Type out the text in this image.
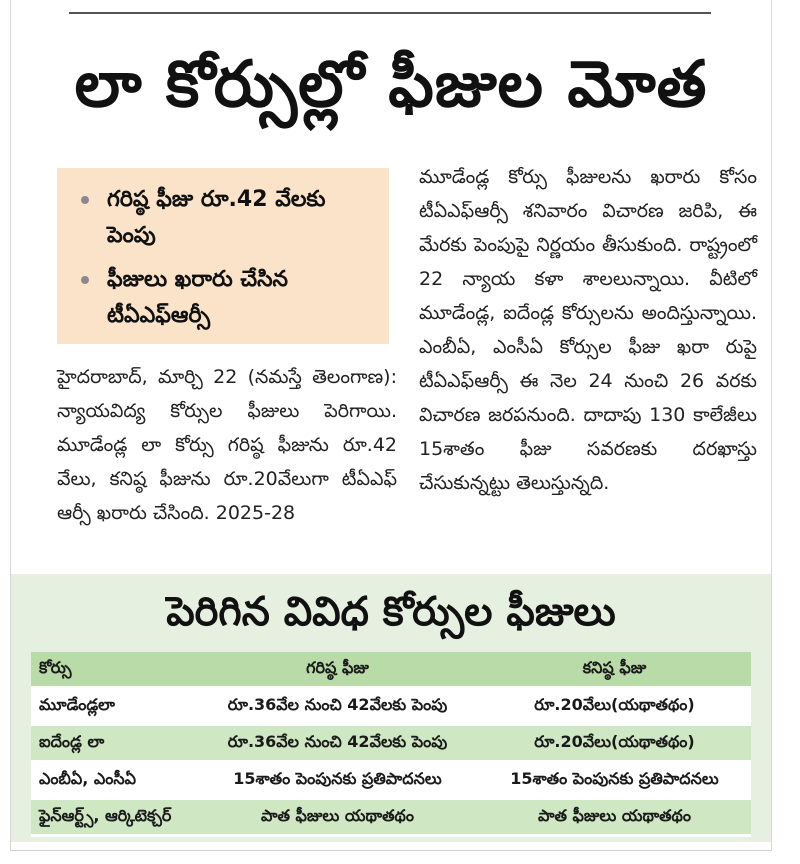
లా కోర్సుల్లో ఫీజుల మోత
గరిష్ఠ ఫీజు రూ.42 వేలకు పెంపు
ఫీజులు ఖరారు చేసిన టీఏఎఫ్‌ఆర్సీ
హైదరాబాద్, మార్చి 22 (నమస్తే తెలంగాణ): న్యాయవిద్య కోర్సుల ఫీజులు పెరిగాయి. మూడేండ్ల లా కోర్సు గరిష్ఠ ఫీజును రూ.42 వేలు, కనిష్ఠ ఫీజును రూ.20వేలుగా టీఏఎఫ్ ఆర్సీ ఖరారు చేసింది. 2025-28
మూడేండ్ల కోర్సు ఫీజులను ఖరారు కోసం టీఏఎఫ్‌ఆర్సీ శనివారం విచారణ జరిపి, ఈ మేరకు పెంపుపై నిర్ణయం తీసుకుంది. రాష్ట్రంలో 22 న్యాయ కళా శాలలున్నాయి. వీటిలో మూడేండ్ల, ఐదేండ్ల కోర్సులను అందిస్తున్నాయి. ఎంబీఏ, ఎంసీఏ కోర్సుల ఫీజు ఖరా రుపై టీఏఎఫ్‌ఆర్సీ ఈ నెల 24 నుంచి 26 వరకు విచారణ జరపనుంది. దాదాపు 130 కాలేజీలు 15శాతం ఫీజు సవరణకు దరఖాస్తు చేసుకున్నట్టు తెలుస్తున్నది.
పెరిగిన వివిధ కోర్సుల ఫీజులు
కోర్సు	గరిష్ఠ ఫీజు	కనిష్ఠ ఫీజు
మూడేండ్లలా	రూ.36వేల నుంచి 42వేలకు పెంపు	రూ.20వేలు(యథాతథం)
ఐదేండ్ల లా	రూ.36వేల నుంచి 42వేలకు పెంపు	రూ.20వేలు(యథాతథం)
ఎంబీఏ, ఎంసీఏ	15శాతం పెంపునకు ప్రతిపాదనలు	15శాతం పెంపునకు ప్రతిపాదనలు
ఫైన్‌ఆర్ట్స్, ఆర్కిటెక్చర్	పాత ఫీజులు యథాతథం	పాత ఫీజులు యథాతథం
